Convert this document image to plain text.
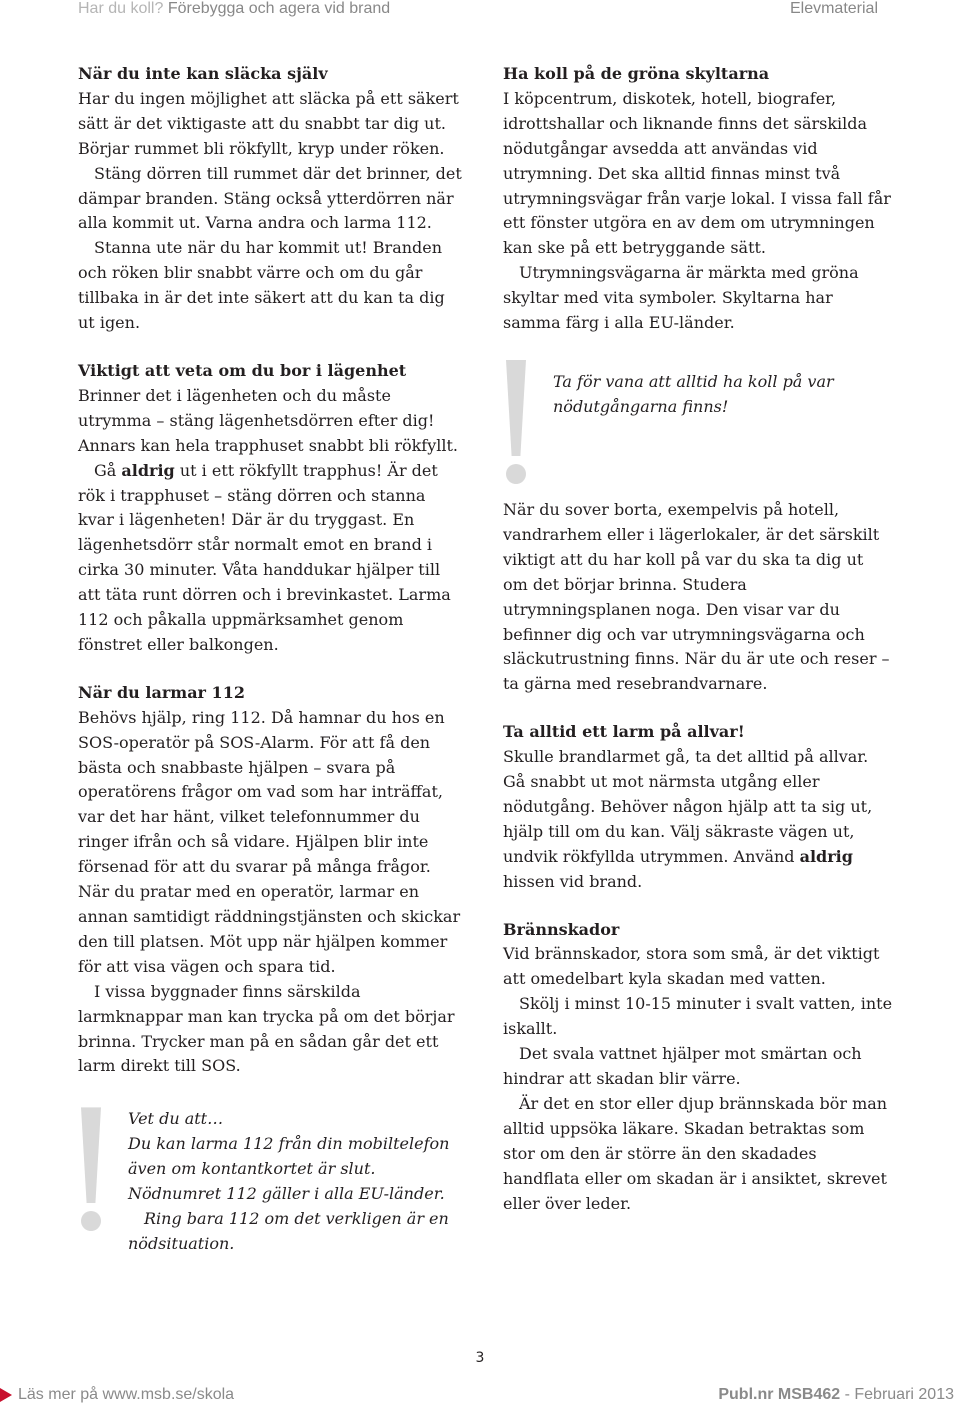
Har du koll? Förebygga och agera vid brand	Elevmaterial
När du inte kan släcka själv
Har du ingen möjlighet att släcka på ett säkert sätt är det viktigaste att du snabbt tar dig ut. Börjar rummet bli rökfyllt, kryp under röken.
Stäng dörren till rummet där det brinner, det dämpar branden. Stäng också ytterdörren när alla kommit ut. Varna andra och larma 112.
Stanna ute när du har kommit ut! Branden och röken blir snabbt värre och om du går tillbaka in är det inte säkert att du kan ta dig ut igen.
Viktigt att veta om du bor i lägenhet
Brinner det i lägenheten och du måste utrymma – stäng lägenhetsdörren efter dig! Annars kan hela trapphuset snabbt bli rökfyllt.
Gå aldrig ut i ett rökfyllt trapphus! Är det rök i trapphuset – stäng dörren och stanna kvar i lägenheten! Där är du tryggast. En lägenhetsdörr står normalt emot en brand i cirka 30 minuter. Våta handdukar hjälper till att täta runt dörren och i brevinkastet. Larma 112 och påkalla uppmärksamhet genom fönstret eller balkongen.
När du larmar 112
Behövs hjälp, ring 112. Då hamnar du hos en SOS-operatör på SOS-Alarm. För att få den bästa och snabbaste hjälpen – svara på operatörens frågor om vad som har inträffat, var det har hänt, vilket telefonnummer du ringer ifrån och så vidare. Hjälpen blir inte försenad för att du svarar på många frågor. När du pratar med en operatör, larmar en annan samtidigt räddningstjänsten och skickar den till platsen. Möt upp när hjälpen kommer för att visa vägen och spara tid.
I vissa byggnader finns särskilda larmknappar man kan trycka på om det börjar brinna. Trycker man på en sådan går det ett larm direkt till SOS.
Vet du att…
Du kan larma 112 från din mobiltelefon även om kontantkortet är slut. Nödnumret 112 gäller i alla EU-länder.
Ring bara 112 om det verkligen är en nödsituation.
Ha koll på de gröna skyltarna
I köpcentrum, diskotek, hotell, biografer, idrottshallar och liknande finns det särskilda nödutgångar avsedda att användas vid utrymning. Det ska alltid finnas minst två utrymningsvägar från varje lokal. I vissa fall får ett fönster utgöra en av dem om utrymningen kan ske på ett betryggande sätt.
Utrymningsvägarna är märkta med gröna skyltar med vita symboler. Skyltarna har samma färg i alla EU-länder.
Ta för vana att alltid ha koll på var nödutgångarna finns!
När du sover borta, exempelvis på hotell, vandrarhem eller i lägerlokaler, är det särskilt viktigt att du har koll på var du ska ta dig ut om det börjar brinna. Studera utrymningsplanen noga. Den visar var du befinner dig och var utrymningsvägarna och släckutrustning finns. När du är ute och reser – ta gärna med resebrandvarnare.
Ta alltid ett larm på allvar!
Skulle brandlarmet gå, ta det alltid på allvar. Gå snabbt ut mot närmsta utgång eller nödutgång. Behöver någon hjälp att ta sig ut, hjälp till om du kan. Välj säkraste vägen ut, undvik rökfyllda utrymmen. Använd aldrig hissen vid brand.
Brännskador
Vid brännskador, stora som små, är det viktigt att omedelbart kyla skadan med vatten.
Skölj i minst 10-15 minuter i svalt vatten, inte iskallt.
Det svala vattnet hjälper mot smärtan och hindrar att skadan blir värre.
Är det en stor eller djup brännskada bör man alltid uppsöka läkare. Skadan betraktas som stor om den är större än den skadades handflata eller om skadan är i ansiktet, skrevet eller över leder.
3
Läs mer på www.msb.se/skola	Publ.nr MSB462 - Februari 2013
